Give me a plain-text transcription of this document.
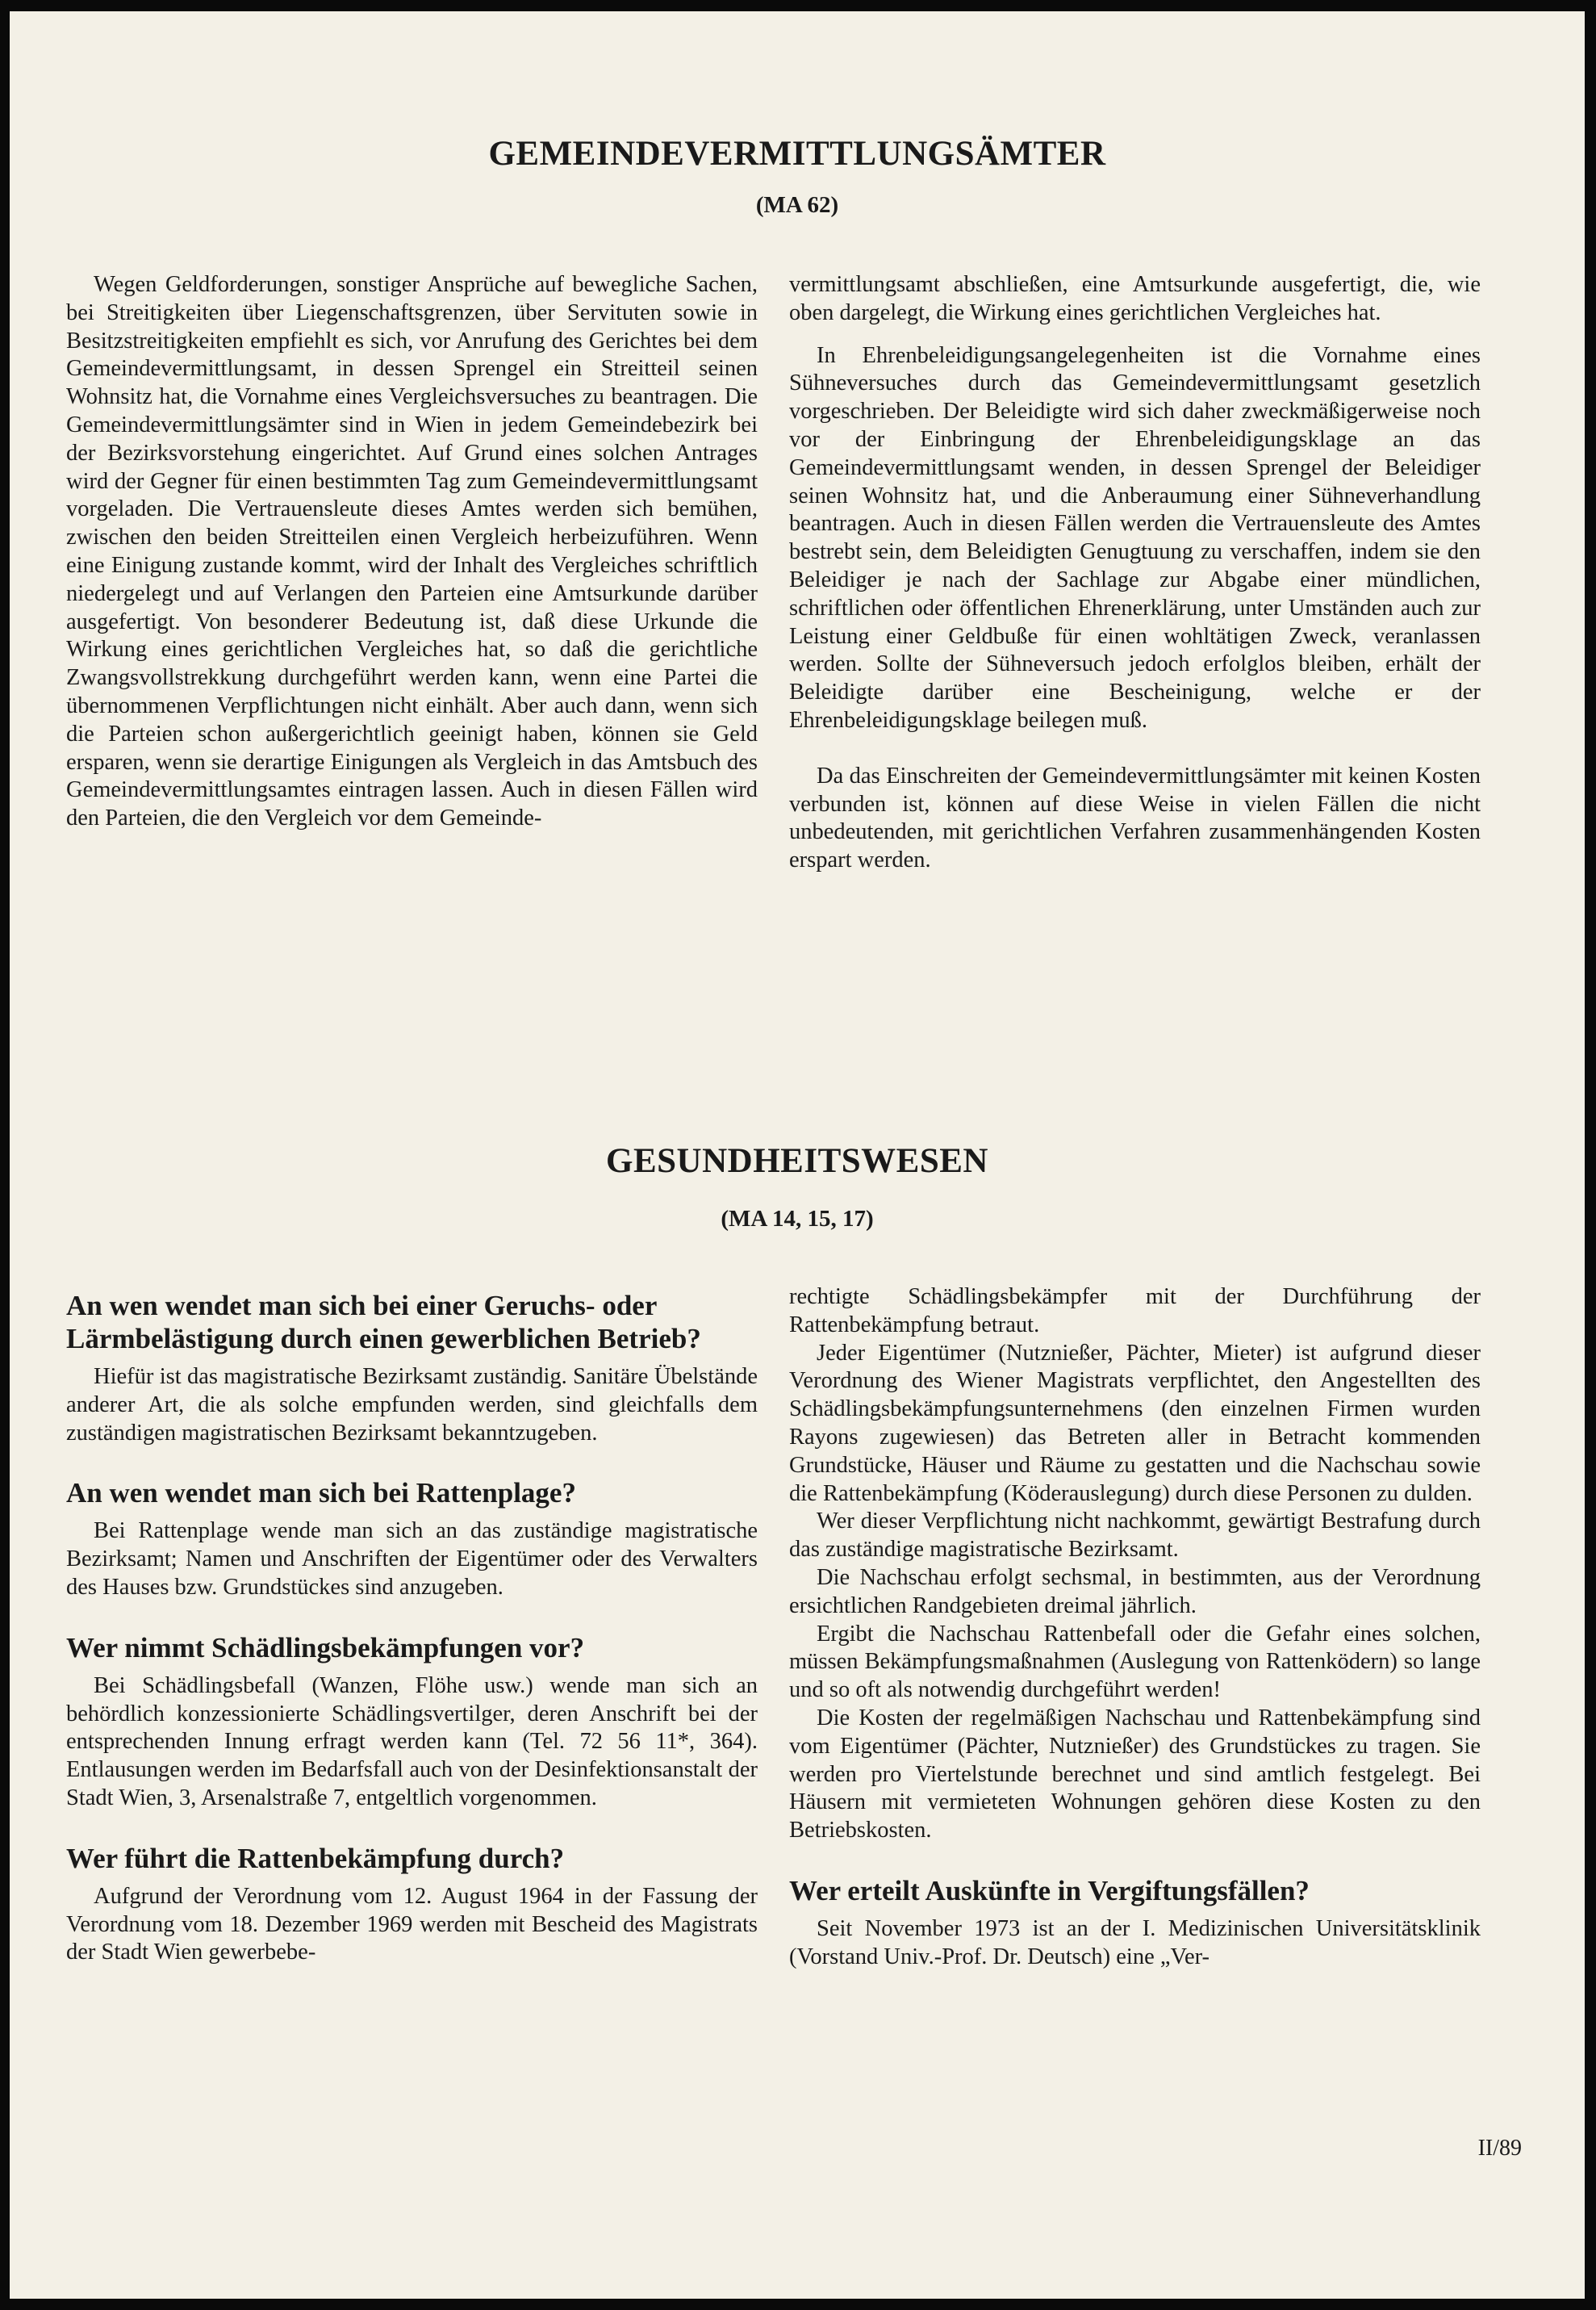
GEMEINDEVERMITTLUNGSÄMTER
(MA 62)

Wegen Geldforderungen, sonstiger Ansprüche auf bewegliche Sachen, bei Streitigkeiten über Liegenschaftsgrenzen, über Servituten sowie in Besitzstreitigkeiten empfiehlt es sich, vor Anrufung des Gerichtes bei dem Gemeindevermittlungsamt, in dessen Sprengel ein Streitteil seinen Wohnsitz hat, die Vornahme eines Vergleichsversuches zu beantragen. Die Gemeindevermittlungsämter sind in Wien in jedem Gemeindebezirk bei der Bezirksvorstehung eingerichtet. Auf Grund eines solchen Antrages wird der Gegner für einen bestimmten Tag zum Gemeindevermittlungsamt vorgeladen. Die Vertrauensleute dieses Amtes werden sich bemühen, zwischen den beiden Streitteilen einen Vergleich herbeizuführen. Wenn eine Einigung zustande kommt, wird der Inhalt des Vergleiches schriftlich niedergelegt und auf Verlangen den Parteien eine Amtsurkunde darüber ausgefertigt. Von besonderer Bedeutung ist, daß diese Urkunde die Wirkung eines gerichtlichen Vergleiches hat, so daß die gerichtliche Zwangsvollstrekkung durchgeführt werden kann, wenn eine Partei die übernommenen Verpflichtungen nicht einhält. Aber auch dann, wenn sich die Parteien schon außergerichtlich geeinigt haben, können sie Geld ersparen, wenn sie derartige Einigungen als Vergleich in das Amtsbuch des Gemeindevermittlungsamtes eintragen lassen. Auch in diesen Fällen wird den Parteien, die den Vergleich vor dem Gemeinde-

vermittlungsamt abschließen, eine Amtsurkunde ausgefertigt, die, wie oben dargelegt, die Wirkung eines gerichtlichen Vergleiches hat.

In Ehrenbeleidigungsangelegenheiten ist die Vornahme eines Sühneversuches durch das Gemeindevermittlungsamt gesetzlich vorgeschrieben. Der Beleidigte wird sich daher zweckmäßigerweise noch vor der Einbringung der Ehrenbeleidigungsklage an das Gemeindevermittlungsamt wenden, in dessen Sprengel der Beleidiger seinen Wohnsitz hat, und die Anberaumung einer Sühneverhandlung beantragen. Auch in diesen Fällen werden die Vertrauensleute des Amtes bestrebt sein, dem Beleidigten Genugtuung zu verschaffen, indem sie den Beleidiger je nach der Sachlage zur Abgabe einer mündlichen, schriftlichen oder öffentlichen Ehrenerklärung, unter Umständen auch zur Leistung einer Geldbuße für einen wohltätigen Zweck, veranlassen werden. Sollte der Sühneversuch jedoch erfolglos bleiben, erhält der Beleidigte darüber eine Bescheinigung, welche er der Ehrenbeleidigungsklage beilegen muß.

Da das Einschreiten der Gemeindevermittlungsämter mit keinen Kosten verbunden ist, können auf diese Weise in vielen Fällen die nicht unbedeutenden, mit gerichtlichen Verfahren zusammenhängenden Kosten erspart werden.

GESUNDHEITSWESEN
(MA 14, 15, 17)
An wen wendet man sich bei einer Geruchs- oder Lärmbelästigung durch einen gewerblichen Betrieb?

Hiefür ist das magistratische Bezirksamt zuständig. Sanitäre Übelstände anderer Art, die als solche empfunden werden, sind gleichfalls dem zuständigen magistratischen Bezirksamt bekanntzugeben.

An wen wendet man sich bei Rattenplage?

Bei Rattenplage wende man sich an das zuständige magistratische Bezirksamt; Namen und Anschriften der Eigentümer oder des Verwalters des Hauses bzw. Grundstückes sind anzugeben.

Wer nimmt Schädlingsbekämpfungen vor?

Bei Schädlingsbefall (Wanzen, Flöhe usw.) wende man sich an behördlich konzessionierte Schädlingsvertilger, deren Anschrift bei der entsprechenden Innung erfragt werden kann (Tel. 72 56 11*, 364). Entlausungen werden im Bedarfsfall auch von der Desinfektionsanstalt der Stadt Wien, 3, Arsenalstraße 7, entgeltlich vorgenommen.

Wer führt die Rattenbekämpfung durch?

Aufgrund der Verordnung vom 12. August 1964 in der Fassung der Verordnung vom 18. Dezember 1969 werden mit Bescheid des Magistrats der Stadt Wien gewerbebe-

rechtigte Schädlingsbekämpfer mit der Durchführung der Rattenbekämpfung betraut.

Jeder Eigentümer (Nutznießer, Pächter, Mieter) ist aufgrund dieser Verordnung des Wiener Magistrats verpflichtet, den Angestellten des Schädlingsbekämpfungsunternehmens (den einzelnen Firmen wurden Rayons zugewiesen) das Betreten aller in Betracht kommenden Grundstücke, Häuser und Räume zu gestatten und die Nachschau sowie die Rattenbekämpfung (Köderauslegung) durch diese Personen zu dulden.

Wer dieser Verpflichtung nicht nachkommt, gewärtigt Bestrafung durch das zuständige magistratische Bezirksamt.

Die Nachschau erfolgt sechsmal, in bestimmten, aus der Verordnung ersichtlichen Randgebieten dreimal jährlich.

Ergibt die Nachschau Rattenbefall oder die Gefahr eines solchen, müssen Bekämpfungsmaßnahmen (Auslegung von Rattenködern) so lange und so oft als notwendig durchgeführt werden!

Die Kosten der regelmäßigen Nachschau und Rattenbekämpfung sind vom Eigentümer (Pächter, Nutznießer) des Grundstückes zu tragen. Sie werden pro Viertelstunde berechnet und sind amtlich festgelegt. Bei Häusern mit vermieteten Wohnungen gehören diese Kosten zu den Betriebskosten.

Wer erteilt Auskünfte in Vergiftungsfällen?

Seit November 1973 ist an der I. Medizinischen Universitätsklinik (Vorstand Univ.-Prof. Dr. Deutsch) eine „Ver-

II/89
